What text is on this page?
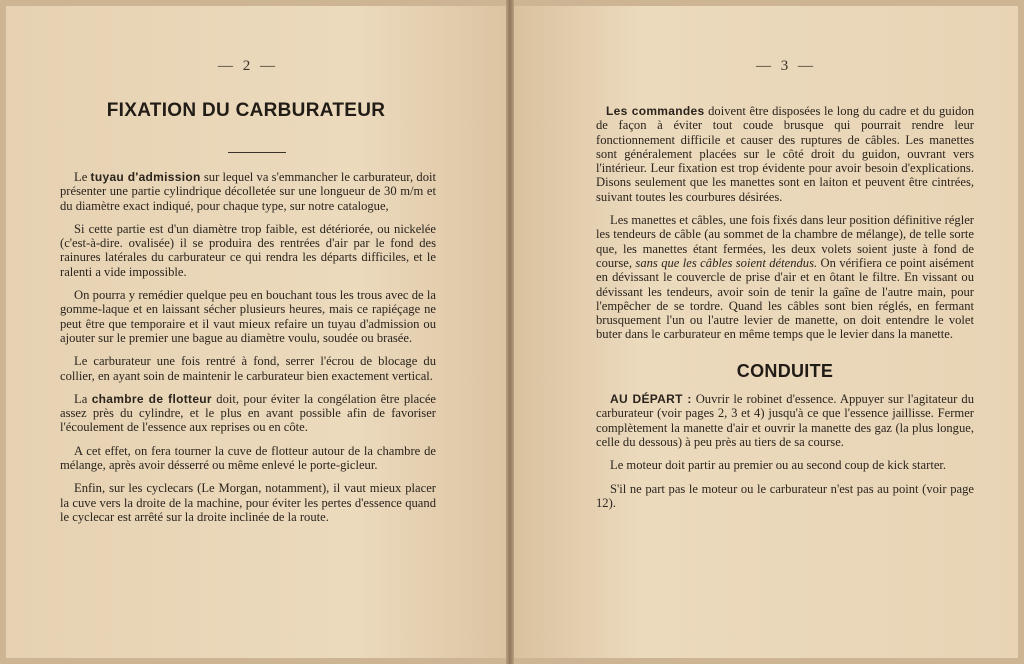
— 2 —
FIXATION DU CARBURATEUR

Le tuyau d'admission sur lequel va s'emmancher le carburateur, doit présenter une partie cylindrique décolletée sur une longueur de 30 m/m et du diamètre exact indiqué, pour chaque type, sur notre catalogue,

Si cette partie est d'un diamètre trop faible, est détériorée, ou nickelée (c'est-à-dire. ovalisée) il se produira des rentrées d'air par le fond des rainures latérales du carburateur ce qui rendra les départs difficiles, et le ralenti a vide impossible.

On pourra y remédier quelque peu en bouchant tous les trous avec de la gomme-laque et en laissant sécher plusieurs heures, mais ce rapiéçage ne peut être que temporaire et il vaut mieux refaire un tuyau d'admission ou ajouter sur le premier une bague au diamètre voulu, soudée ou brasée.

Le carburateur une fois rentré à fond, serrer l'écrou de blocage du collier, en ayant soin de maintenir le carburateur bien exactement vertical.

La chambre de flotteur doit, pour éviter la congélation être placée assez près du cylindre, et le plus en avant possible afin de favoriser l'écoulement de l'essence aux reprises ou en côte.

A cet effet, on fera tourner la cuve de flotteur autour de la chambre de mélange, après avoir désserré ou même enlevé le porte-gicleur.

Enfin, sur les cyclecars (Le Morgan, notamment), il vaut mieux placer la cuve vers la droite de la machine, pour éviter les pertes d'essence quand le cyclecar est arrêté sur la droite inclinée de la route.

— 3 —

Les commandes doivent être disposées le long du cadre et du guidon de façon à éviter tout coude brusque qui pourrait rendre leur fonctionnement difficile et causer des ruptures de câbles. Les manettes sont généralement placées sur le côté droit du guidon, ouvrant vers l'intérieur. Leur fixation est trop évidente pour avoir besoin d'explications. Disons seulement que les manettes sont en laiton et peuvent être cintrées, suivant toutes les courbures désirées.

Les manettes et câbles, une fois fixés dans leur position définitive régler les tendeurs de câble (au sommet de la chambre de mélange), de telle sorte que, les manettes étant fermées, les deux volets soient juste à fond de course, sans que les câbles soient détendus. On vérifiera ce point aisément en dévissant le couvercle de prise d'air et en ôtant le filtre. En vissant ou dévissant les tendeurs, avoir soin de tenir la gaîne de l'autre main, pour l'empêcher de se tordre. Quand les câbles sont bien réglés, en fermant brusquement l'un ou l'autre levier de manette, on doit entendre le volet buter dans le carburateur en même temps que le levier dans la manette.

CONDUITE

AU DÉPART : Ouvrir le robinet d'essence. Appuyer sur l'agitateur du carburateur (voir pages 2, 3 et 4) jusqu'à ce que l'essence jaillisse. Fermer complètement la manette d'air et ouvrir la manette des gaz (la plus longue, celle du dessous) à peu près au tiers de sa course.

Le moteur doit partir au premier ou au second coup de kick starter.

S'il ne part pas le moteur ou le carburateur n'est pas au point (voir page 12).
